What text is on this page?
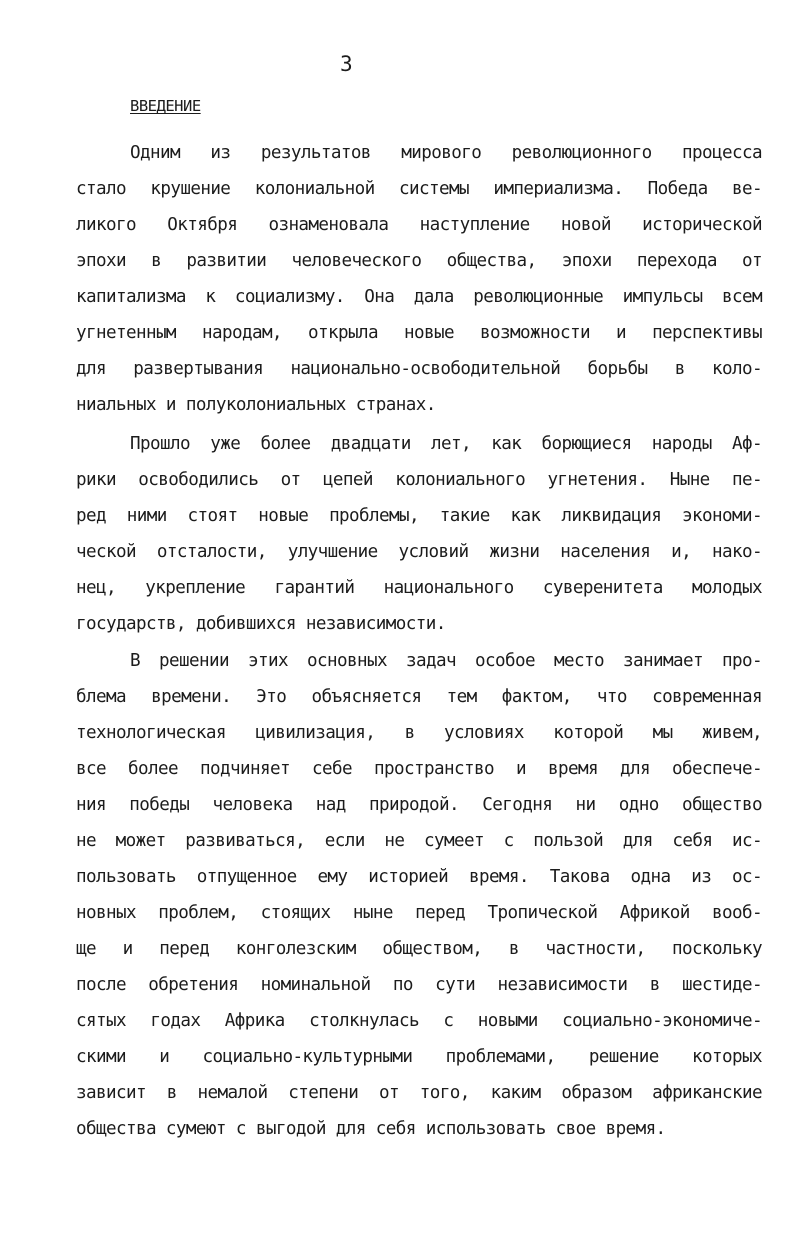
3
ВВЕДЕНИЕ
Одним из результатов мирового революционного процесса
стало крушение колониальной системы империализма. Победа ве-
ликого Октября ознаменовала наступление новой исторической
эпохи в развитии человеческого общества, эпохи перехода от
капитализма к социализму. Она дала революционные импульсы всем
угнетенным народам, открыла новые возможности и перспективы
для развертывания национально-освободительной борьбы в коло-
ниальных и полуколониальных странах.
Прошло уже более двадцати лет, как борющиеся народы Аф-
рики освободились от цепей колониального угнетения. Ныне пе-
ред ними стоят новые проблемы, такие как ликвидация экономи-
ческой отсталости, улучшение условий жизни населения и, нако-
нец, укрепление гарантий национального суверенитета молодых
государств, добившихся независимости.
В решении этих основных задач особое место занимает про-
блема времени. Это объясняется тем фактом, что современная
технологическая цивилизация, в условиях которой мы живем,
все более подчиняет себе пространство и время для обеспече-
ния победы человека над природой. Сегодня ни одно общество
не может развиваться, если не сумеет с пользой для себя ис-
пользовать отпущенное ему историей время. Такова одна из ос-
новных проблем, стоящих ныне перед Тропической Африкой вооб-
ще и перед конголезским обществом, в частности, поскольку
после обретения номинальной по сути независимости в шестиде-
сятых годах Африка столкнулась с новыми социально-экономиче-
скими и социально-культурными проблемами, решение которых
зависит в немалой степени от того, каким образом африканские
общества сумеют с выгодой для себя использовать свое время.
